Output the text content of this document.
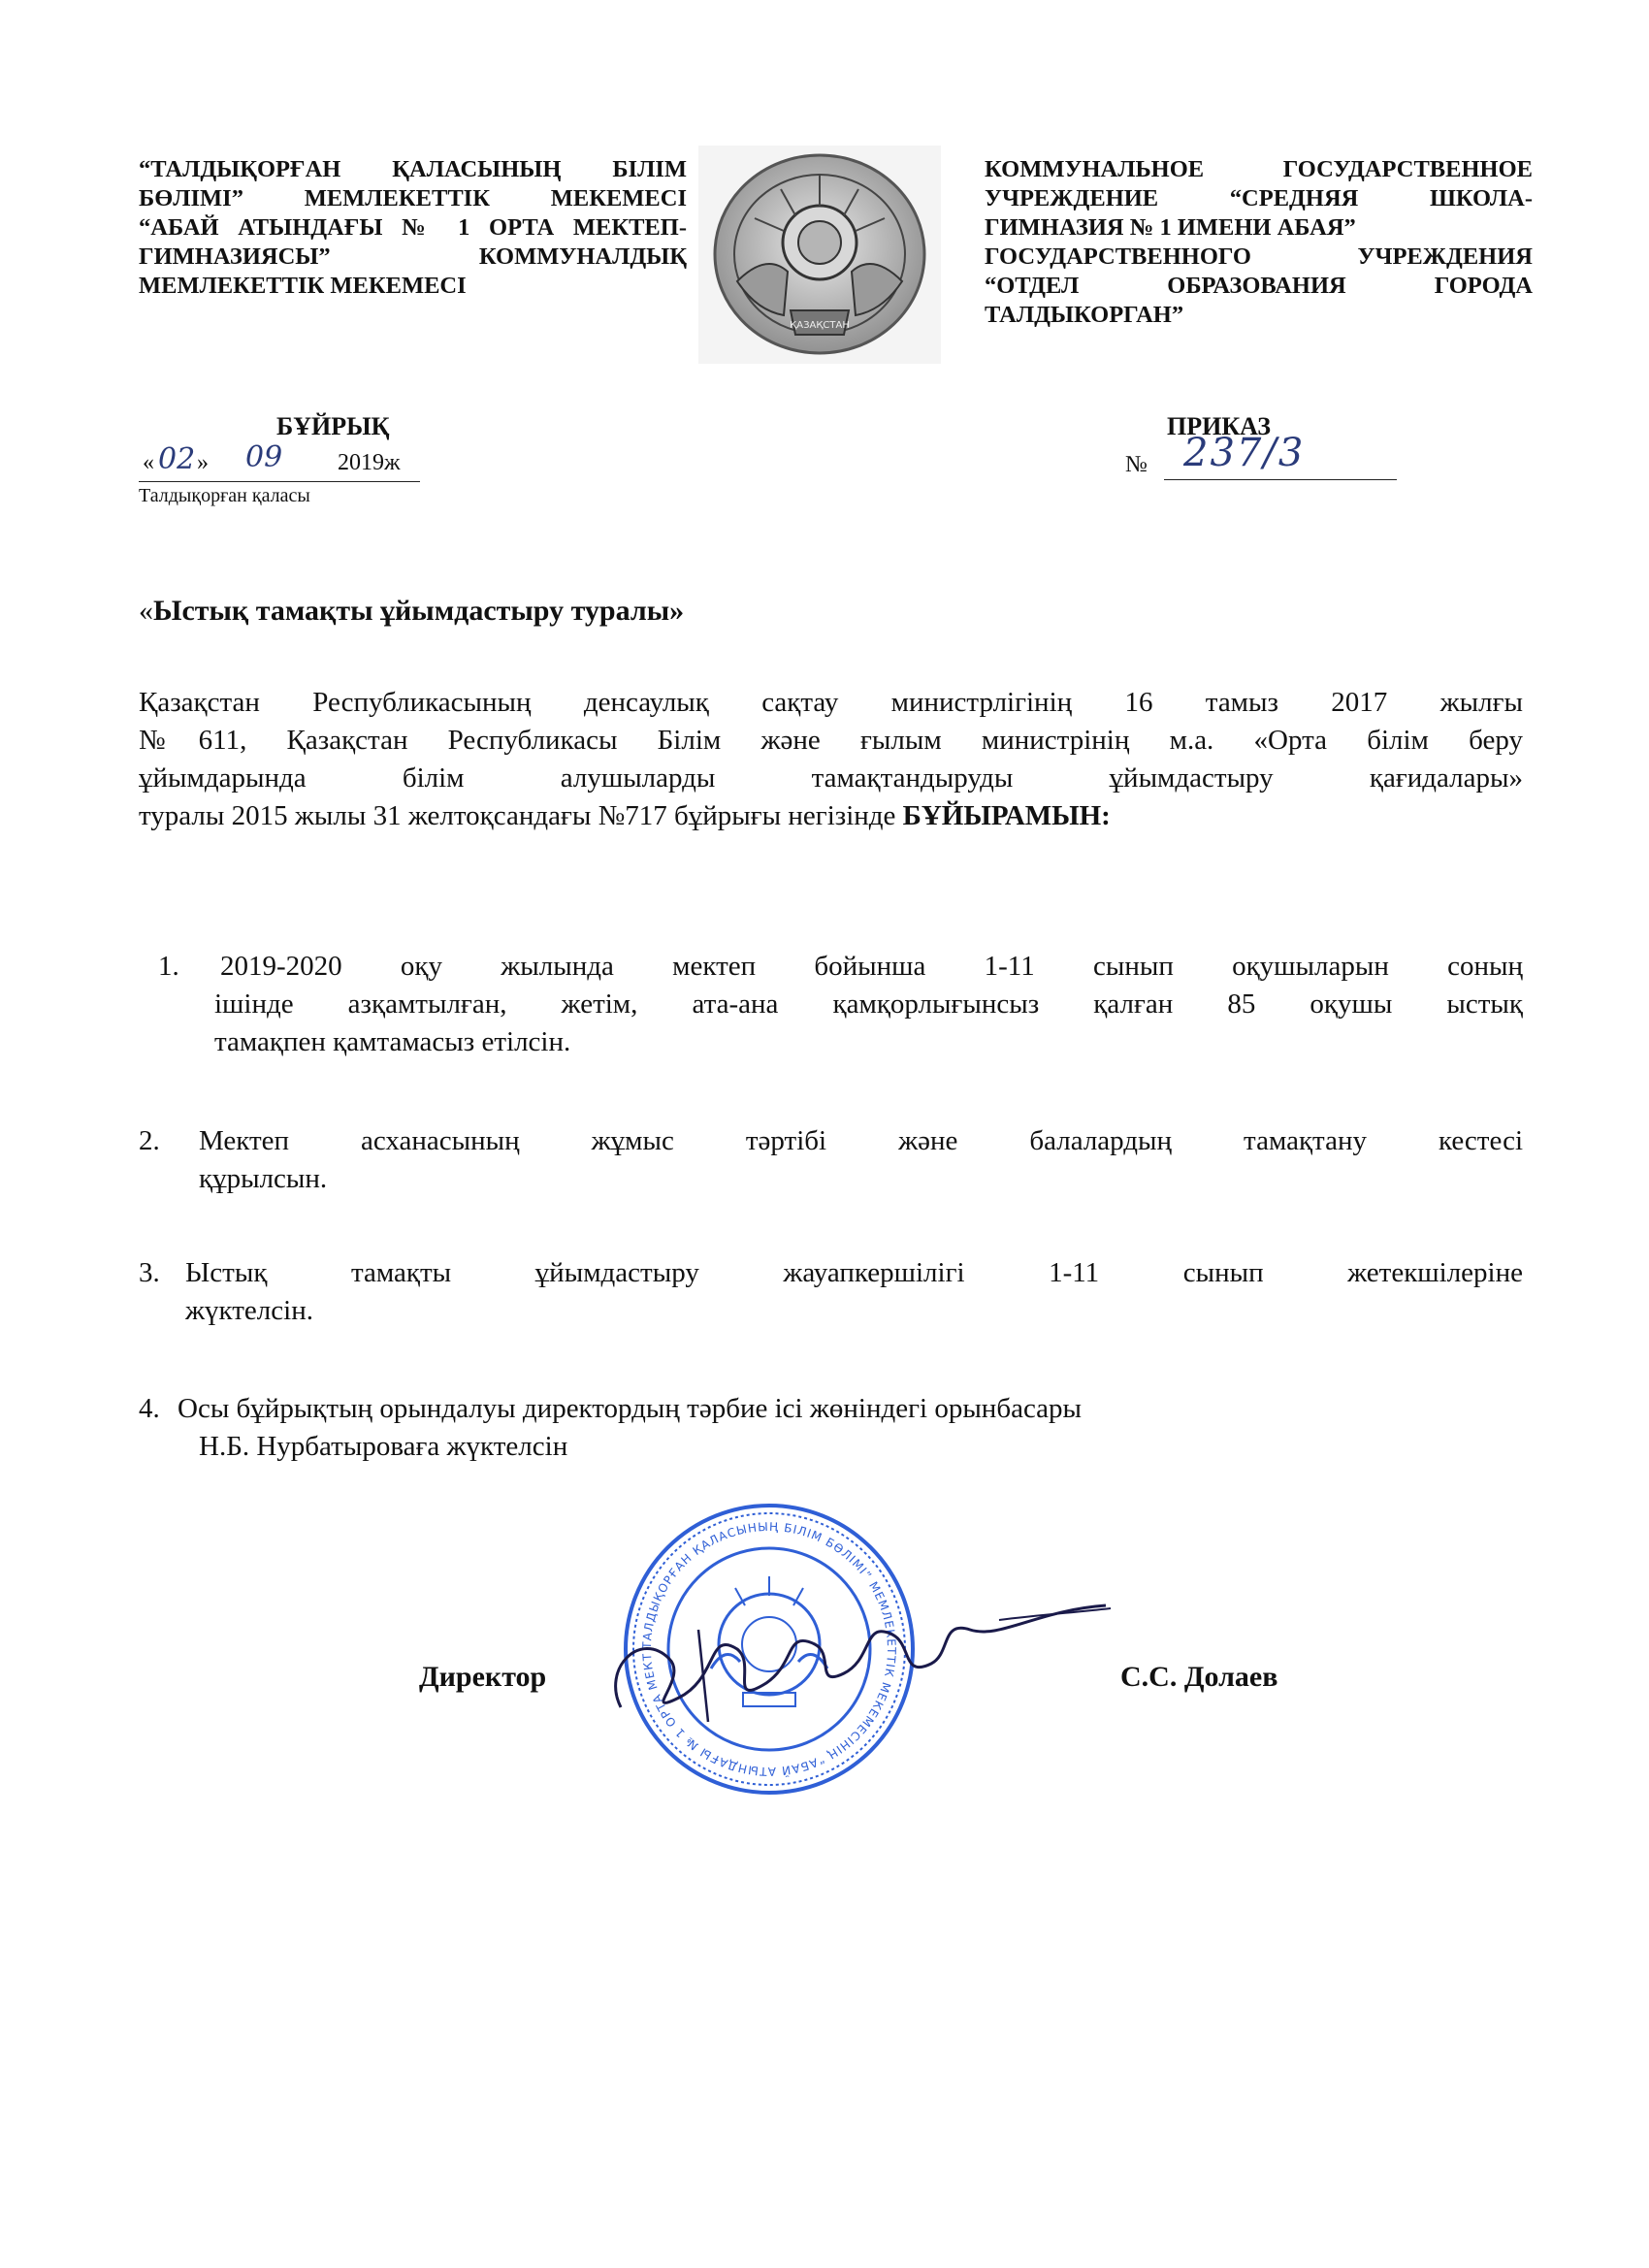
“ТАЛДЫҚОРҒАН ҚАЛАСЫНЫҢ БІЛІМ
БӨЛІМІ” МЕМЛЕКЕТТІК МЕКЕМЕСІ
“АБАЙ АТЫНДАҒЫ № 1 ОРТА МЕКТЕП-
ГИМНАЗИЯСЫ” КОММУНАЛДЫҚ
МЕМЛЕКЕТТІК МЕКЕМЕСІ
ҚАЗАҚСТАН
КОММУНАЛЬНОЕ ГОСУДАРСТВЕННОЕ
УЧРЕЖДЕНИЕ “СРЕДНЯЯ ШКОЛА-
ГИМНАЗИЯ № 1 ИМЕНИ АБАЯ”
ГОСУДАРСТВЕННОГО УЧРЕЖДЕНИЯ
“ОТДЕЛ ОБРАЗОВАНИЯ ГОРОДА
ТАЛДЫКОРГАН”
БҰЙРЫҚ
« 02 » 09 2019ж
Талдықорған қаласы
ПРИКАЗ
№ 237/3
«Ыстық тамақты ұйымдастыру туралы»
Қазақстан Республикасының денсаулық сақтау министрлігінің 16 тамыз 2017 жылғы
№611, Қазақстан Республикасы Білім және ғылым министрінің м.а. «Орта білім беру
ұйымдарында білім алушыларды тамақтандыруды ұйымдастыру қағидалары»
туралы 2015 жылы 31 желтоқсандағы №717 бұйрығы негізінде БҰЙЫРАМЫН:
1. 2019-2020 оқу жылында мектеп бойынша 1-11 сынып оқушыларын соның
ішінде азқамтылған, жетім, ата-ана қамқорлығынсыз қалған 85 оқушы ыстық
тамақпен қамтамасыз етілсін.
2. Мектеп асханасының жұмыс тәртібі және балалардың тамақтану кестесі
құрылсын.
3. Ыстық тамақты ұйымдастыру жауапкершілігі 1-11 сынып жетекшілеріне
жүктелсін.
4. Осы бұйрықтың орындалуы директордың тәрбие ісі жөніндегі орынбасары
Н.Б. Нурбатыроваға жүктелсін
ТАЛДЫҚОРҒАН ҚАЛАСЫНЫҢ БІЛІМ БӨЛІМІ” МЕМЛЕКЕТТІК МЕКЕМЕСІНІҢ “АБАЙ АТЫНДАҒЫ № 1 ОРТА МЕКТ
Директор	С.С. Долаев
